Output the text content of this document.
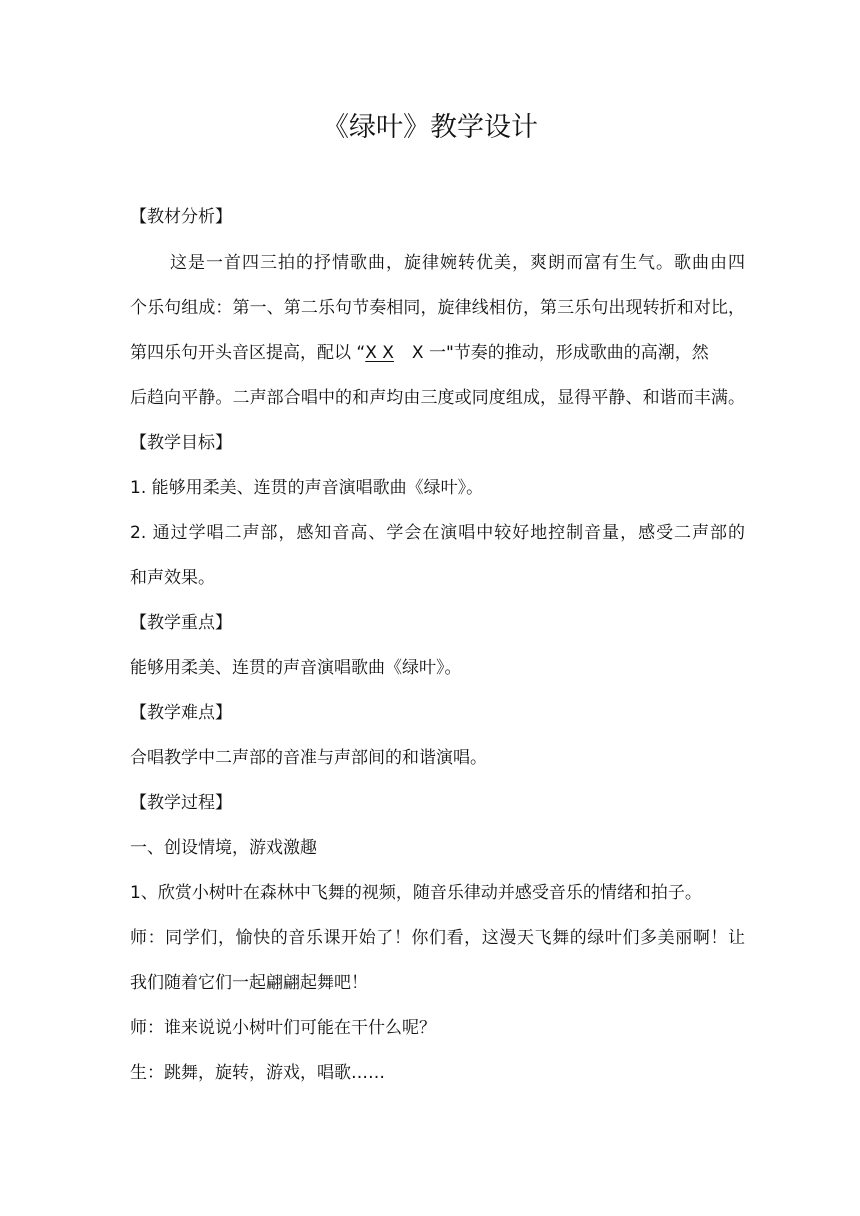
《绿叶》教学设计
【教材分析】
这是一首四三拍的抒情歌曲，旋律婉转优美，爽朗而富有生气。歌曲由四
个乐句组成：第一、第二乐句节奏相同，旋律线相仿，第三乐句出现转折和对比，
第四乐句开头音区提高，配以 “X X X 一"节奏的推动，形成歌曲的高潮，然
后趋向平静。二声部合唱中的和声均由三度或同度组成，显得平静、和谐而丰满。
【教学目标】
1. 能够用柔美、连贯的声音演唱歌曲《绿叶》。
2. 通过学唱二声部，感知音高、学会在演唱中较好地控制音量，感受二声部的
和声效果。
【教学重点】
能够用柔美、连贯的声音演唱歌曲《绿叶》。
【教学难点】
合唱教学中二声部的音准与声部间的和谐演唱。
【教学过程】
一、创设情境，游戏激趣
1、欣赏小树叶在森林中飞舞的视频，随音乐律动并感受音乐的情绪和拍子。
师：同学们，愉快的音乐课开始了！你们看，这漫天飞舞的绿叶们多美丽啊！让
我们随着它们一起翩翩起舞吧！
师：谁来说说小树叶们可能在干什么呢？
生：跳舞，旋转，游戏，唱歌……
